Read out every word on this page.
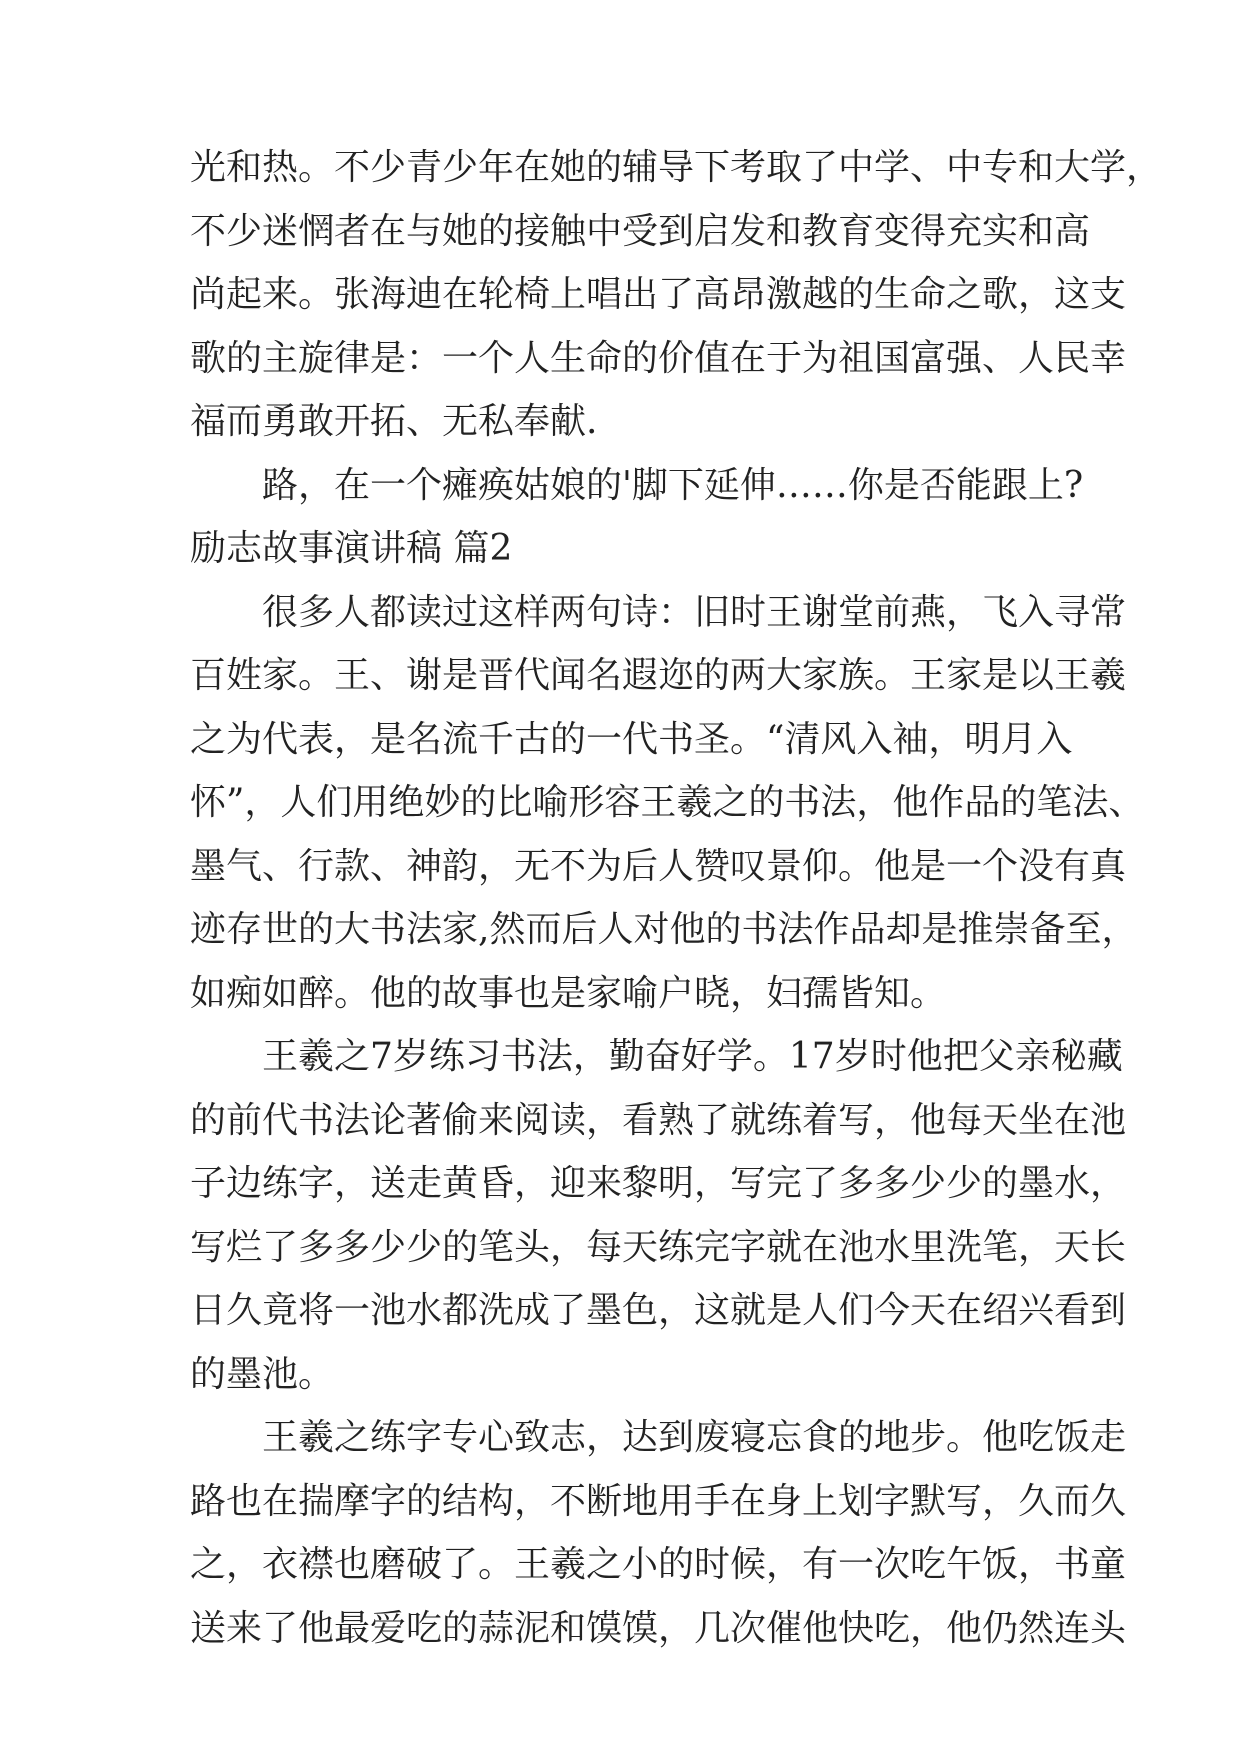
光和热。不少青少年在她的辅导下考取了中学、中专和大学，
不少迷惘者在与她的接触中受到启发和教育变得充实和高
尚起来。张海迪在轮椅上唱出了高昂激越的生命之歌，这支
歌的主旋律是：一个人生命的价值在于为祖国富强、人民幸
福而勇敢开拓、无私奉献.
路，在一个瘫痪姑娘的'脚下延伸……你是否能跟上?
励志故事演讲稿 篇2
很多人都读过这样两句诗：旧时王谢堂前燕，飞入寻常
百姓家。王、谢是晋代闻名遐迩的两大家族。王家是以王羲
之为代表，是名流千古的一代书圣。“清风入袖，明月入
怀”，人们用绝妙的比喻形容王羲之的书法，他作品的笔法、
墨气、行款、神韵，无不为后人赞叹景仰。他是一个没有真
迹存世的大书法家,然而后人对他的书法作品却是推崇备至，
如痴如醉。他的故事也是家喻户晓，妇孺皆知。
王羲之7岁练习书法，勤奋好学。17岁时他把父亲秘藏
的前代书法论著偷来阅读，看熟了就练着写，他每天坐在池
子边练字，送走黄昏，迎来黎明，写完了多多少少的墨水，
写烂了多多少少的笔头，每天练完字就在池水里洗笔，天长
日久竟将一池水都洗成了墨色，这就是人们今天在绍兴看到
的墨池。
王羲之练字专心致志，达到废寝忘食的地步。他吃饭走
路也在揣摩字的结构，不断地用手在身上划字默写，久而久
之，衣襟也磨破了。王羲之小的时候，有一次吃午饭，书童
送来了他最爱吃的蒜泥和馍馍，几次催他快吃，他仍然连头
